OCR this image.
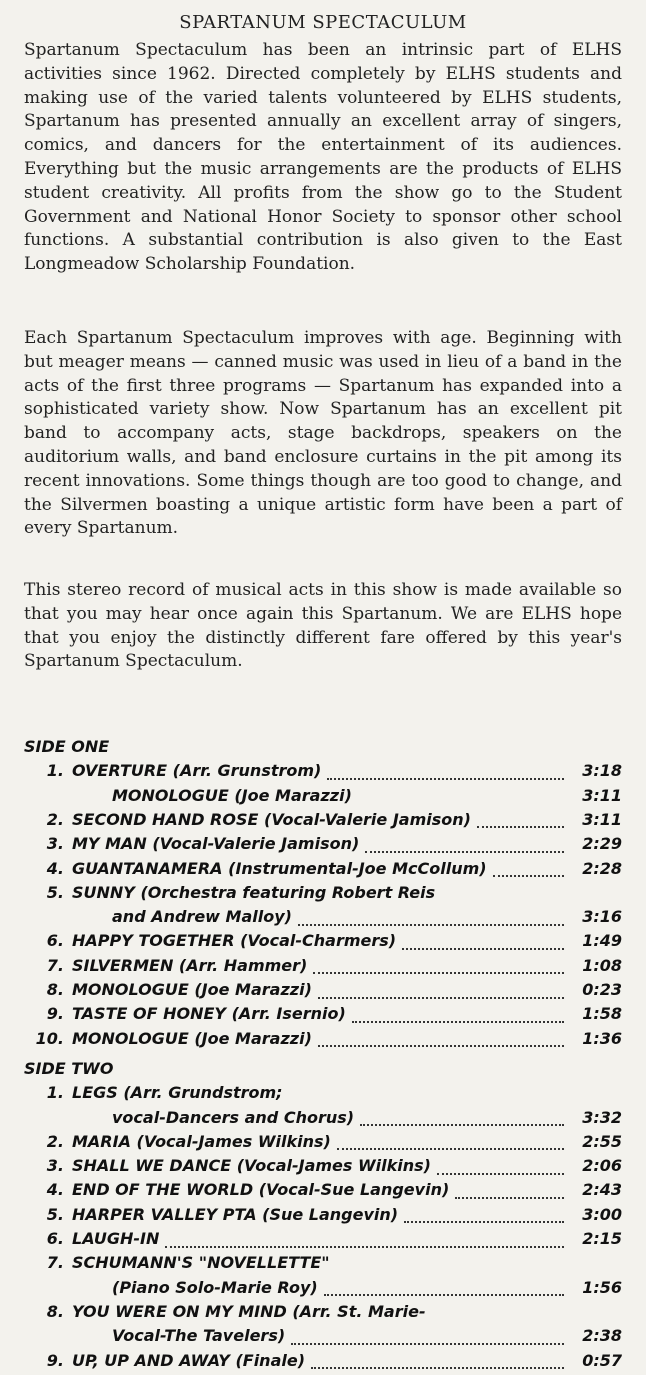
SPARTANUM SPECTACULUM

Spartanum Spectaculum has been an intrinsic part of ELHS activities since 1962. Directed completely by ELHS students and making use of the varied talents volunteered by ELHS students, Spartanum has presented annually an excellent array of singers, comics, and dancers for the entertainment of its audiences. Everything but the music arrangements are the products of ELHS student creativity. All profits from the show go to the Student Government and National Honor Society to sponsor other school functions. A substantial contribution is also given to the East Longmeadow Scholarship Foundation.

Each Spartanum Spectaculum improves with age. Beginning with but meager means — canned music was used in lieu of a band in the acts of the first three programs — Spartanum has expanded into a sophisticated variety show. Now Spartanum has an excellent pit band to accompany acts, stage backdrops, speakers on the auditorium walls, and band enclosure curtains in the pit among its recent innovations. Some things though are too good to change, and the Silvermen boasting a unique artistic form have been a part of every Spartanum.

This stereo record of musical acts in this show is made available so that you may hear once again this Spartanum. We are ELHS hope that you enjoy the distinctly different fare offered by this year's Spartanum Spectaculum.

SIDE ONE
1. OVERTURE (Arr. Grunstrom)	3:18
MONOLOGUE (Joe Marazzi)	3:11
2. SECOND HAND ROSE (Vocal-Valerie Jamison)	3:11
3. MY MAN (Vocal-Valerie Jamison)	2:29
4. GUANTANAMERA (Instrumental-Joe McCollum)	2:28
5. SUNNY (Orchestra featuring Robert Reis
and Andrew Malloy)	3:16
6. HAPPY TOGETHER (Vocal-Charmers)	1:49
7. SILVERMEN (Arr. Hammer)	1:08
8. MONOLOGUE (Joe Marazzi)	0:23
9. TASTE OF HONEY (Arr. Isernio)	1:58
10. MONOLOGUE (Joe Marazzi)	1:36
SIDE TWO
1. LEGS (Arr. Grundstrom;
vocal-Dancers and Chorus)	3:32
2. MARIA (Vocal-James Wilkins)	2:55
3. SHALL WE DANCE (Vocal-James Wilkins)	2:06
4. END OF THE WORLD (Vocal-Sue Langevin)	2:43
5. HARPER VALLEY PTA (Sue Langevin)	3:00
6. LAUGH-IN	2:15
7. SCHUMANN'S "NOVELLETTE"
(Piano Solo-Marie Roy)	1:56
8. YOU WERE ON MY MIND (Arr. St. Marie-
Vocal-The Tavelers)	2:38
9. UP, UP AND AWAY (Finale)	0:57
